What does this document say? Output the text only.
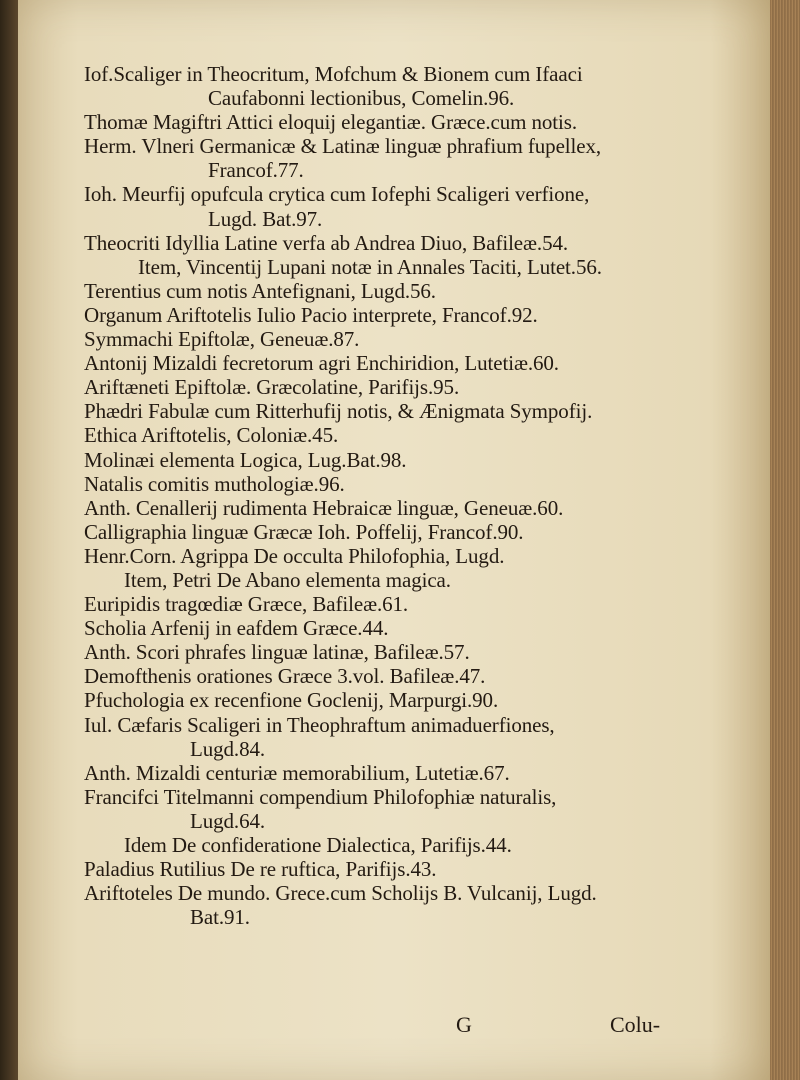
Iof.Scaliger in Theocritum, Mofchum & Bionem cum Ifaaci
Caufabonni lectionibus, Comelin.96.
Thomæ Magiftri Attici eloquij elegantiæ. Græce.cum notis.
Herm. Vlneri Germanicæ & Latinæ linguæ phrafium fupellex,
Francof.77.
Ioh. Meurfij opufcula crytica cum Iofephi Scaligeri verfione,
Lugd. Bat.97.
Theocriti Idyllia Latine verfa ab Andrea Diuo, Bafileæ.54.
Item, Vincentij Lupani notæ in Annales Taciti, Lutet.56.
Terentius cum notis Antefignani, Lugd.56.
Organum Ariftotelis Iulio Pacio interprete, Francof.92.
Symmachi Epiftolæ, Geneuæ.87.
Antonij Mizaldi fecretorum agri Enchiridion, Lutetiæ.60.
Ariftæneti Epiftolæ. Græcolatine, Parifijs.95.
Phædri Fabulæ cum Ritterhufij notis, & Ænigmata Sympofij.
Ethica Ariftotelis, Coloniæ.45.
Molinæi elementa Logica, Lug.Bat.98.
Natalis comitis muthologiæ.96.
Anth. Cenallerij rudimenta Hebraicæ linguæ, Geneuæ.60.
Calligraphia linguæ Græcæ Ioh. Poffelij, Francof.90.
Henr.Corn. Agrippa De occulta Philofophia, Lugd.
Item, Petri De Abano elementa magica.
Euripidis tragœdiæ Græce, Bafileæ.61.
Scholia Arfenij in eafdem Græce.44.
Anth. Scori phrafes linguæ latinæ, Bafileæ.57.
Demofthenis orationes Græce 3.vol. Bafileæ.47.
Pfuchologia ex recenfione Goclenij, Marpurgi.90.
Iul. Cæfaris Scaligeri in Theophraftum animaduerfiones,
Lugd.84.
Anth. Mizaldi centuriæ memorabilium, Lutetiæ.67.
Francifci Titelmanni compendium Philofophiæ naturalis,
Lugd.64.
Idem De confideratione Dialectica, Parifijs.44.
Paladius Rutilius De re ruftica, Parifijs.43.
Ariftoteles De mundo. Grece.cum Scholijs B. Vulcanij, Lugd.
Bat.91.
G	Colu-
